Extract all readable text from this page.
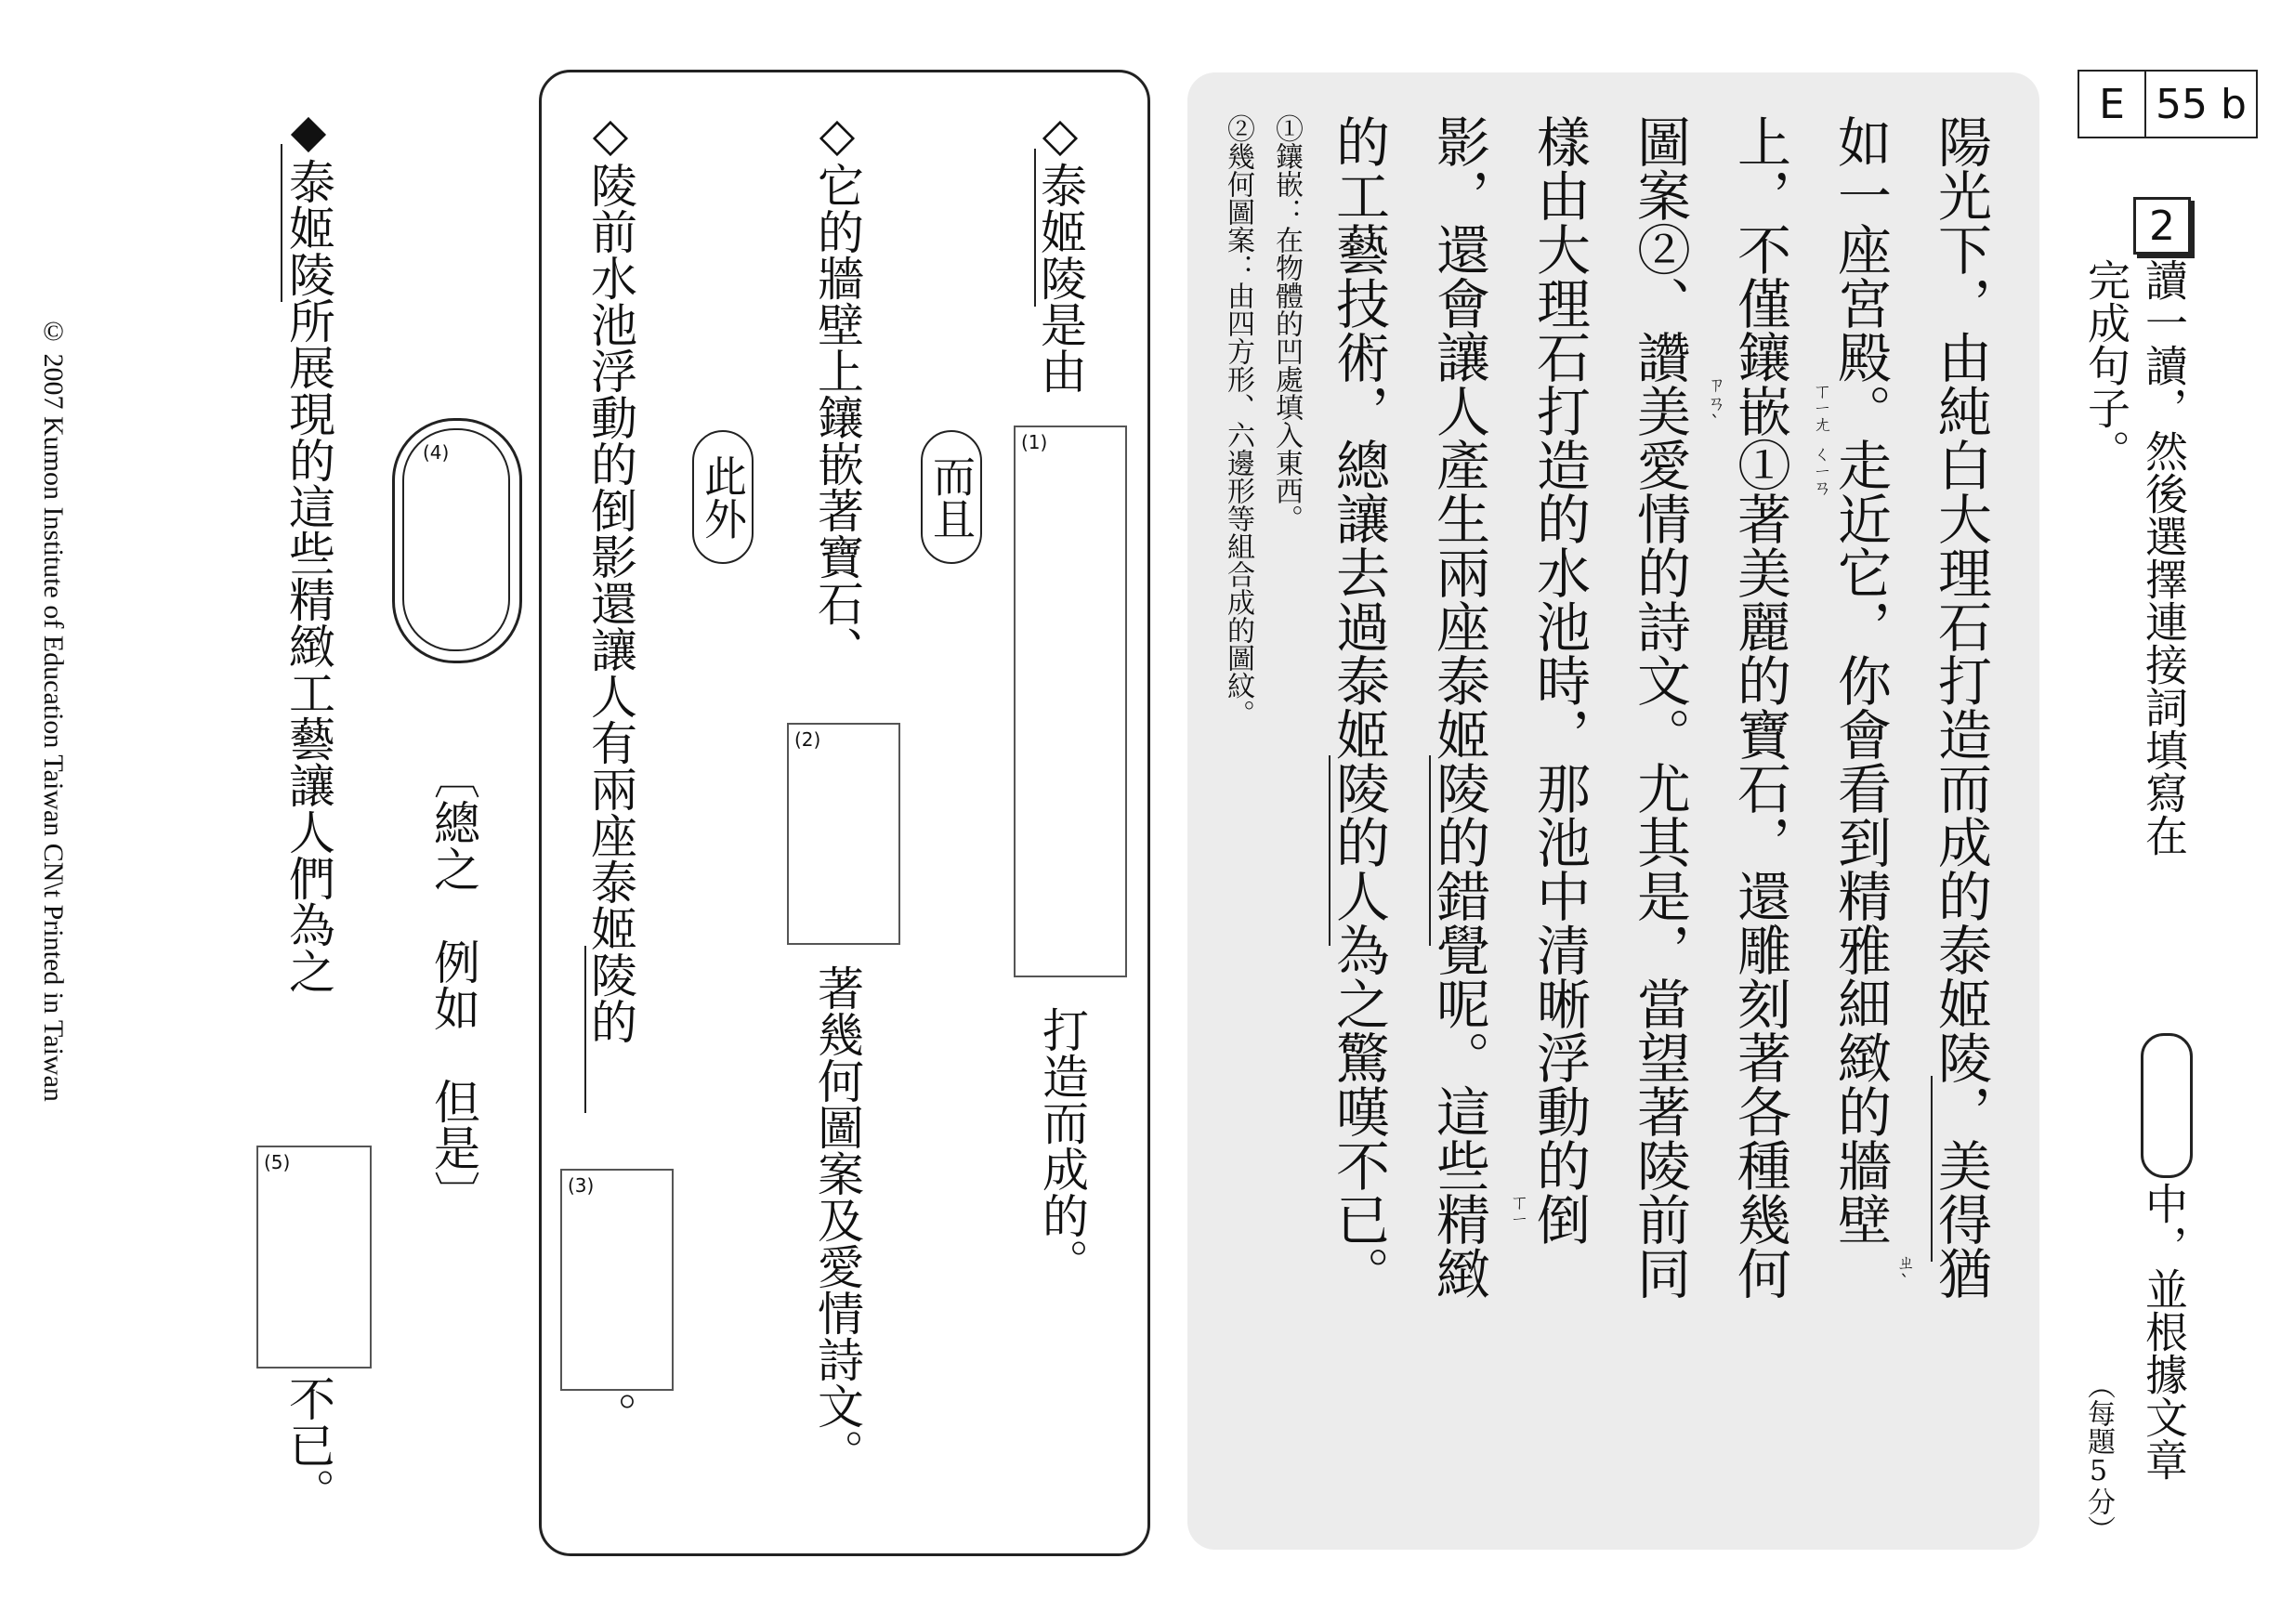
E 55 b
2
讀一讀，然後選擇連接詞填寫在
中，並根據文章
完成句子。
（每題5分）
陽光下，由純白大理石打造而成的泰姬陵，美得猶
如一座宮殿。走近它，你會看到精雅細緻的牆壁
上，不僅鑲嵌①著美麗的寶石，還雕刻著各種幾何
圖案②、讚美愛情的詩文。尤其是，當望著陵前同
樣由大理石打造的水池時，那池中清晰浮動的倒
影，還會讓人產生兩座泰姬陵的錯覺呢。這些精緻
的工藝技術，總讓去過泰姬陵的人為之驚嘆不已。	ㄒㄧㄤ
ㄑㄧㄢ
ㄓˋ
ㄗㄢˋ
ㄒㄧ
①鑲嵌：在物體的凹處填入東西。
②幾何圖案：由四方形、六邊形等組合成的圖紋。
◇泰姬陵是由
(1)
打造而成的。
而且
◇它的牆壁上鑲嵌著寶石、
(2)
著幾何圖案及愛情詩文。
此外
◇陵前水池浮動的倒影還讓人有兩座泰姬陵的
(3)
。
(4)
〔總之　例如　但是〕
◆泰姬陵所展現的這些精緻工藝讓人們為之
(5)
不已。
© 2007 Kumon Institute of Education Taiwan CN\t Printed in Taiwan
